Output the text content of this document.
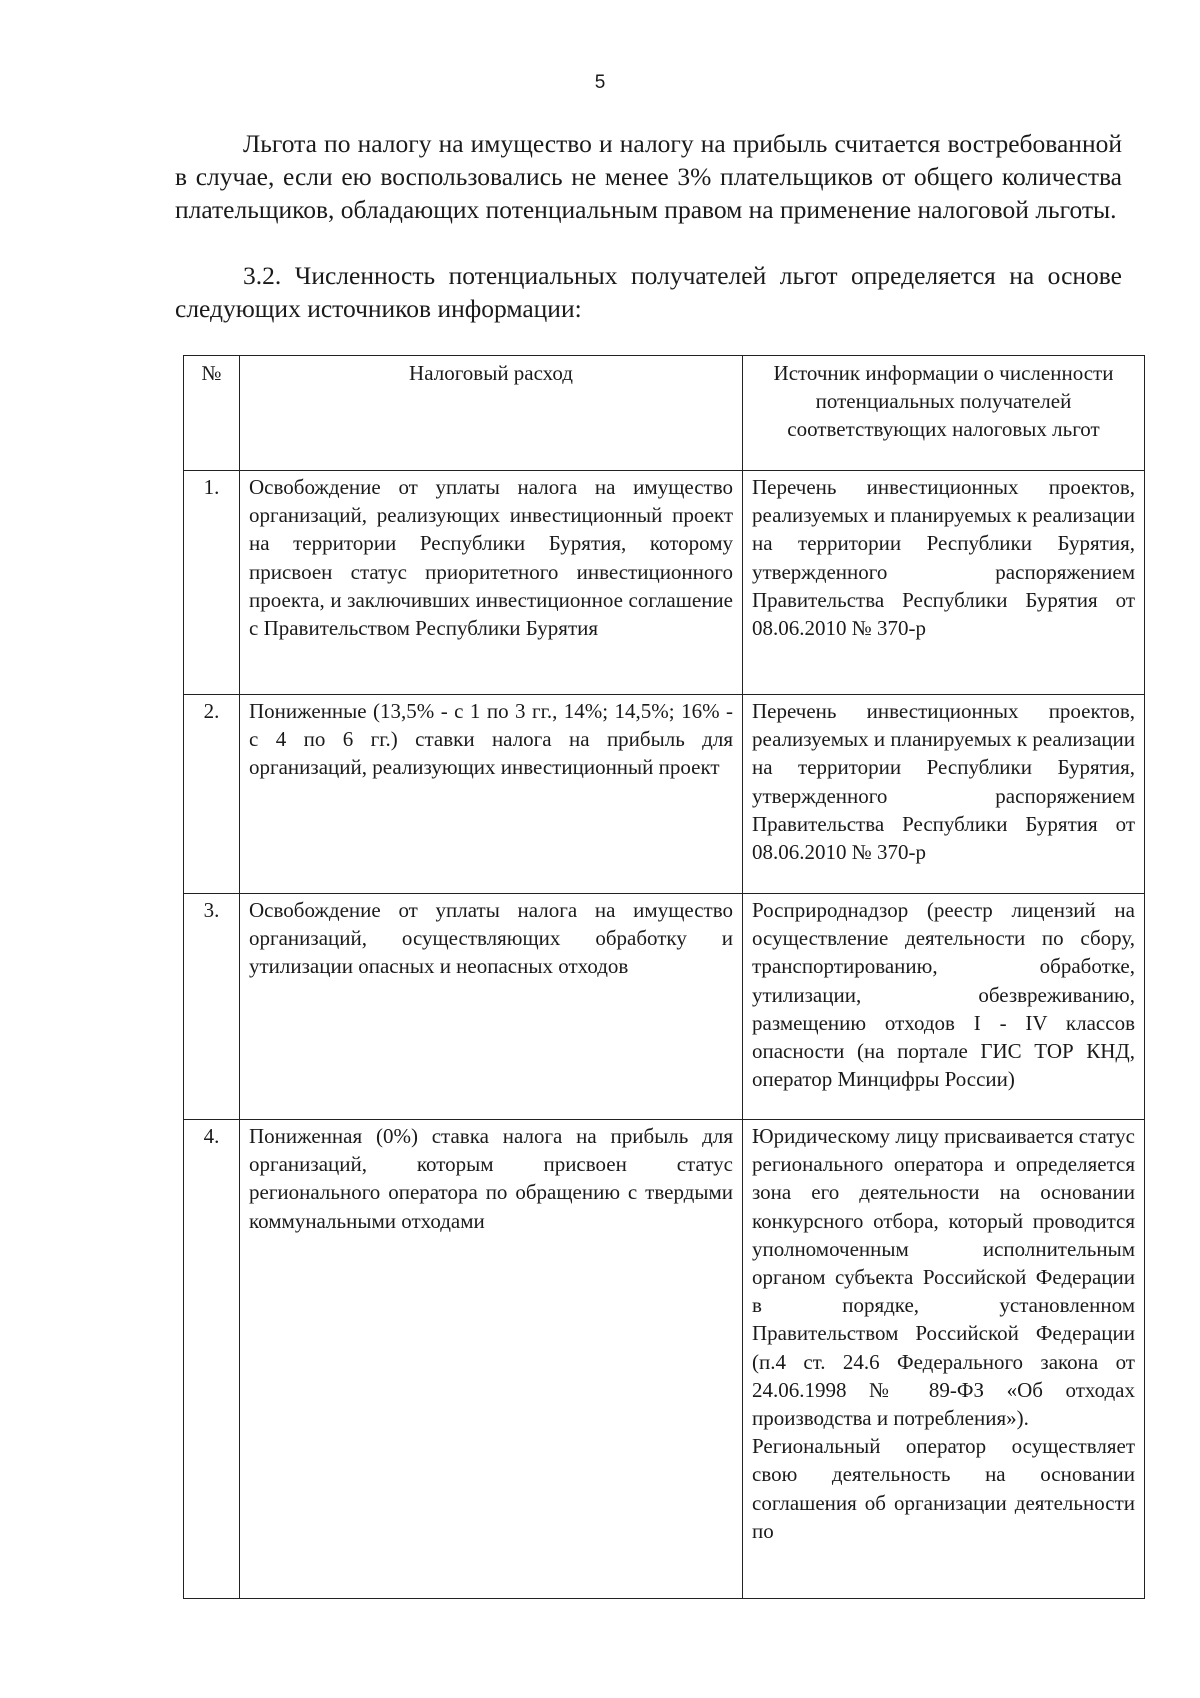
5

Льгота по налогу на имущество и налогу на прибыль считается востребованной в случае, если ею воспользовались не менее 3% плательщиков от общего количества плательщиков, обладающих потенциальным правом на применение налоговой льготы.

3.2. Численность потенциальных получателей льгот определяется на основе следующих источников информации:

№	Налоговый расход	Источник информации о численности потенциальных получателей соответствующих налоговых льгот
1.	Освобождение от уплаты налога на имущество организаций, реализующих инвестиционный проект на территории Республики Бурятия, которому присвоен статус приоритетного инвестиционного проекта, и заключивших инвестиционное соглашение с Правительством Республики Бурятия	Перечень инвестиционных проектов, реализуемых и планируемых к реализации на территории Республики Бурятия, утвержденного распоряжением Правительства Республики Бурятия от 08.06.2010 № 370-р
2.	Пониженные (13,5% - с 1 по 3 гг., 14%; 14,5%; 16% - с 4 по 6 гг.) ставки налога на прибыль для организаций, реализующих инвестиционный проект	Перечень инвестиционных проектов, реализуемых и планируемых к реализации на территории Республики Бурятия, утвержденного распоряжением Правительства Республики Бурятия от 08.06.2010 № 370-р
3.	Освобождение от уплаты налога на имущество организаций, осуществляющих обработку и утилизации опасных и неопасных отходов	Росприроднадзор (реестр лицензий на осуществление деятельности по сбору, транспортированию, обработке, утилизации, обезвреживанию, размещению отходов I - IV классов опасности (на портале ГИС ТОР КНД, оператор Минцифры России)
4.	Пониженная (0%) ставка налога на прибыль для организаций, которым присвоен статус регионального оператора по обращению с твердыми коммунальными отходами	Юридическому лицу присваивается статус регионального оператора и определяется зона его деятельности на основании конкурсного отбора, который проводится уполномоченным исполнительным органом субъекта Российской Федерации в порядке, установленном Правительством Российской Федерации (п.4 ст. 24.6 Федерального закона от 24.06.1998 № 89-ФЗ «Об отходах производства и потребления»).
Региональный оператор осуществляет свою деятельность на основании соглашения об организации деятельности по
